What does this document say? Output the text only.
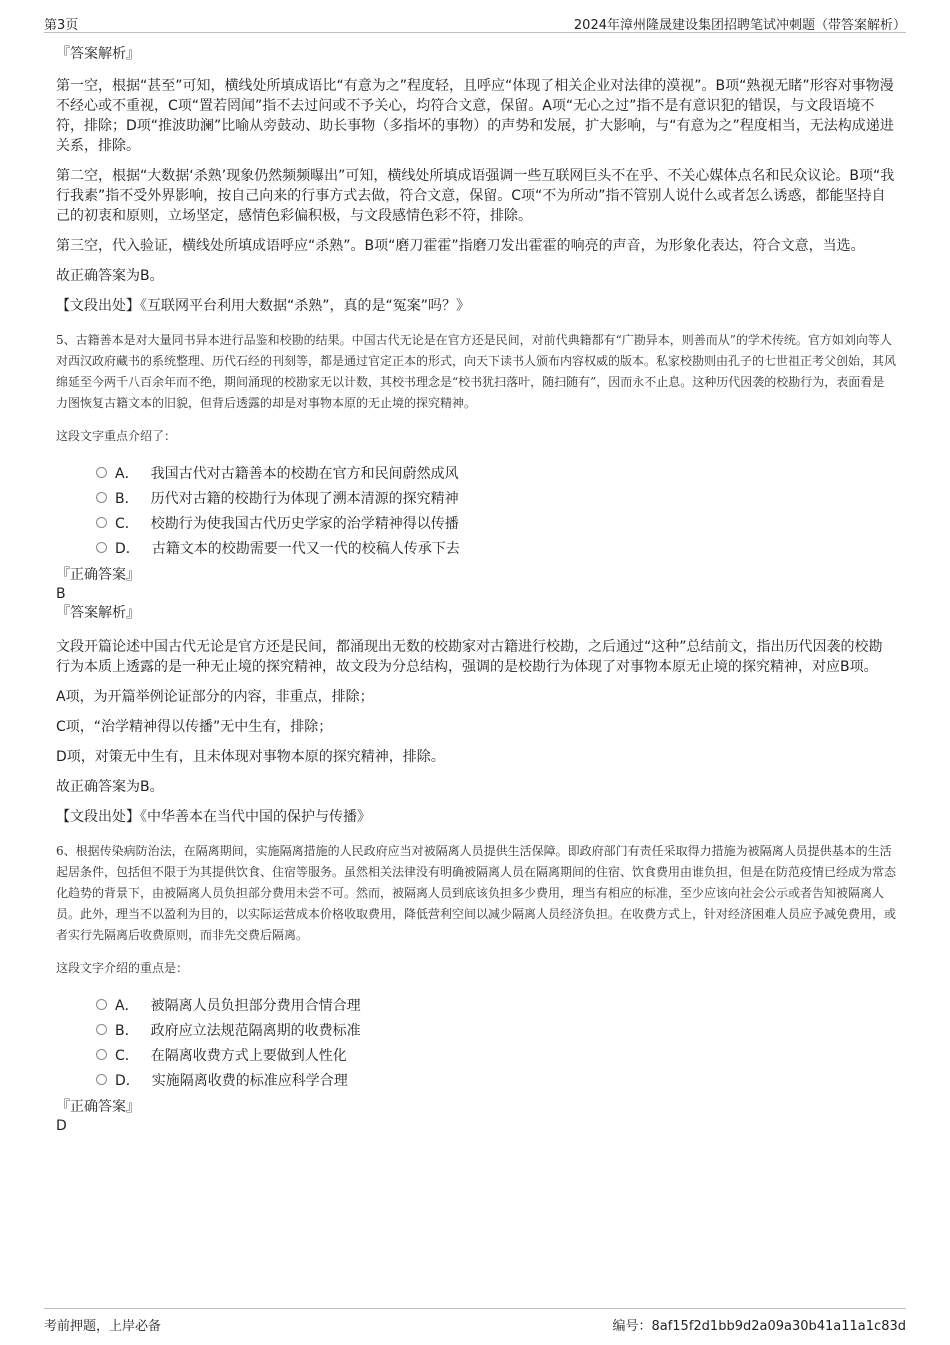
第3页	2024年漳州隆晟建设集团招聘笔试冲刺题（带答案解析）

『答案解析』

第一空，根据“甚至”可知，横线处所填成语比“有意为之”程度轻，且呼应“体现了相关企业对法律的漠视”。B项“熟视无睹”形容对事物漫不经心或不重视，C项“置若罔闻”指不去过问或不予关心，均符合文意，保留。A项“无心之过”指不是有意识犯的错误，与文段语境不符，排除；D项“推波助澜”比喻从旁鼓动、助长事物（多指坏的事物）的声势和发展，扩大影响，与“有意为之”程度相当，无法构成递进关系，排除。

第二空，根据“大数据‘杀熟’现象仍然频频曝出”可知，横线处所填成语强调一些互联网巨头不在乎、不关心媒体点名和民众议论。B项“我行我素”指不受外界影响，按自己向来的行事方式去做，符合文意，保留。C项“不为所动”指不管别人说什么或者怎么诱惑，都能坚持自己的初衷和原则，立场坚定，感情色彩偏积极，与文段感情色彩不符，排除。

第三空，代入验证，横线处所填成语呼应“杀熟”。B项“磨刀霍霍”指磨刀发出霍霍的响亮的声音，为形象化表达，符合文意，当选。

故正确答案为B。

【文段出处】《互联网平台利用大数据“杀熟”，真的是“冤案”吗？》

5、古籍善本是对大量同书异本进行品鉴和校勘的结果。中国古代无论是在官方还是民间，对前代典籍都有“广勘异本，则善而从”的学术传统。官方如刘向等人对西汉政府藏书的系统整理、历代石经的刊刻等，都是通过官定正本的形式，向天下读书人颁布内容权威的版本。私家校勘则由孔子的七世祖正考父创始，其风绵延至今两千八百余年而不绝，期间涌现的校勘家无以计数，其校书理念是“校书犹扫落叶，随扫随有”，因而永不止息。这种历代因袭的校勘行为，表面看是力图恢复古籍文本的旧貌，但背后透露的却是对事物本原的无止境的探究精神。

这段文字重点介绍了：

A． 我国古代对古籍善本的校勘在官方和民间蔚然成风
B． 历代对古籍的校勘行为体现了溯本清源的探究精神
C． 校勘行为使我国古代历史学家的治学精神得以传播
D． 古籍文本的校勘需要一代又一代的校稿人传承下去

『正确答案』

B

『答案解析』

文段开篇论述中国古代无论是官方还是民间，都涌现出无数的校勘家对古籍进行校勘，之后通过“这种”总结前文，指出历代因袭的校勘行为本质上透露的是一种无止境的探究精神，故文段为分总结构，强调的是校勘行为体现了对事物本原无止境的探究精神，对应B项。

A项，为开篇举例论证部分的内容，非重点，排除；

C项，“治学精神得以传播”无中生有，排除；

D项，对策无中生有，且未体现对事物本原的探究精神，排除。

故正确答案为B。

【文段出处】《中华善本在当代中国的保护与传播》

6、根据传染病防治法，在隔离期间，实施隔离措施的人民政府应当对被隔离人员提供生活保障。即政府部门有责任采取得力措施为被隔离人员提供基本的生活起居条件，包括但不限于为其提供饮食、住宿等服务。虽然相关法律没有明确被隔离人员在隔离期间的住宿、饮食费用由谁负担，但是在防范疫情已经成为常态化趋势的背景下，由被隔离人员负担部分费用未尝不可。然而，被隔离人员到底该负担多少费用，理当有相应的标准，至少应该向社会公示或者告知被隔离人员。此外，理当不以盈利为目的，以实际运营成本价格收取费用，降低营利空间以减少隔离人员经济负担。在收费方式上，针对经济困难人员应予减免费用，或者实行先隔离后收费原则，而非先交费后隔离。

这段文字介绍的重点是：

A． 被隔离人员负担部分费用合情合理
B． 政府应立法规范隔离期的收费标准
C． 在隔离收费方式上要做到人性化
D． 实施隔离收费的标准应科学合理

『正确答案』

D

考前押题，上岸必备	编号：8af15f2d1bb9d2a09a30b41a11a1c83d
